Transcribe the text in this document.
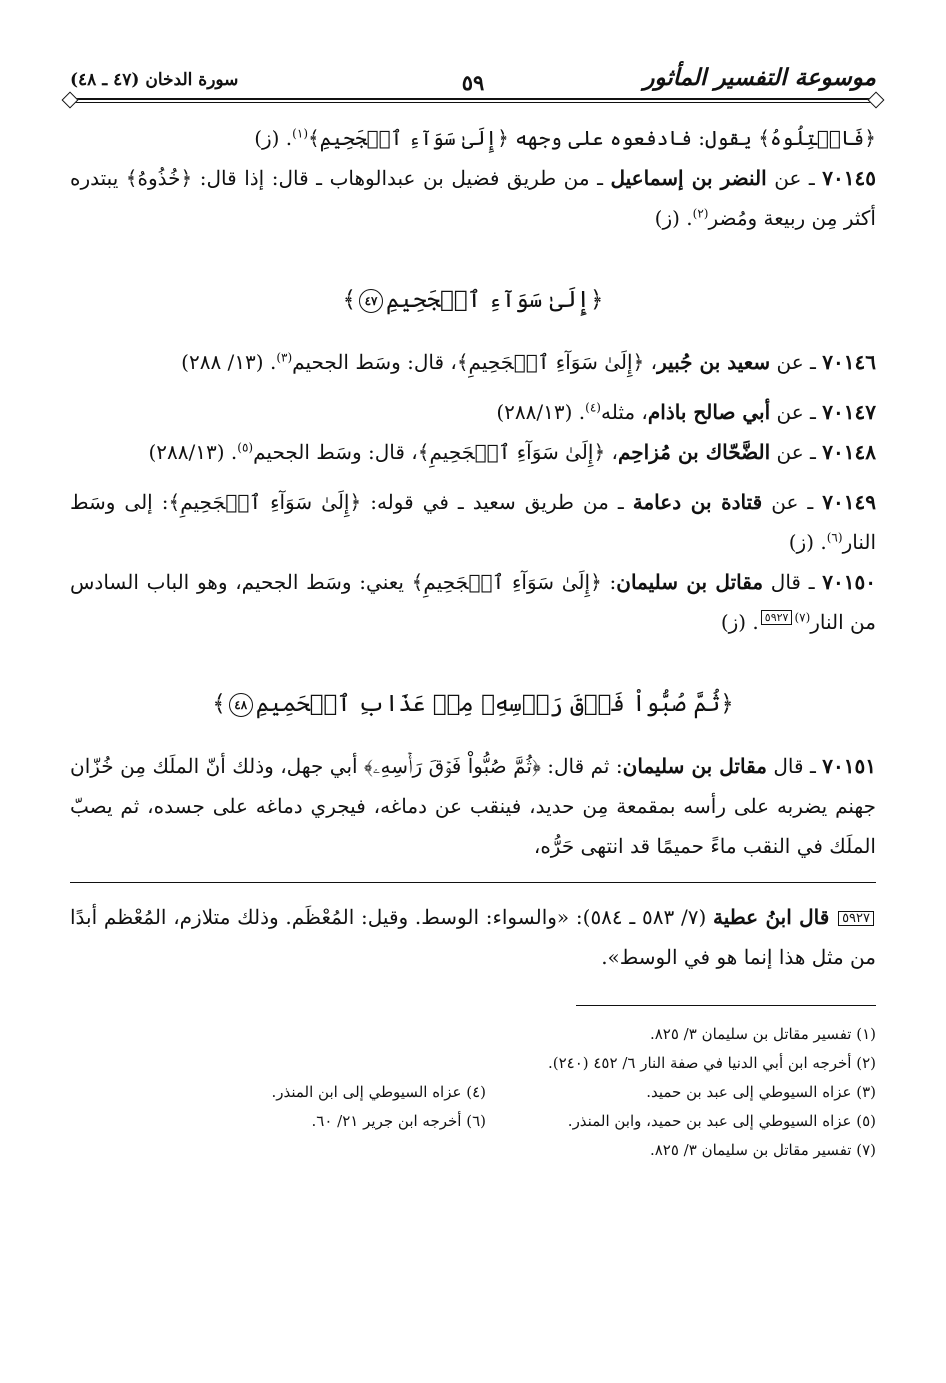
موسوعة التفسير المأثور
٥٩
سورة الدخان (٤٧ ـ ٤٨)

﴿فَاعۡتِلُوهُ﴾ يقول: فادفعوه على وجهه ﴿إِلَىٰ سَوَآءِ ٱلۡجَحِيمِ﴾$^{(١)}$. (ز)

٧٠١٤٥ ـ عن النضر بن إسماعيل ـ من طريق فضيل بن عبدالوهاب ـ قال: إذا قال: ﴿خُذُوهُ﴾ يبتدره أكثر مِن ربيعة ومُضر$^{(٢)}$. (ز)

﴿إِلَىٰ سَوَآءِ ٱلۡجَحِيمِ٤٧﴾

٧٠١٤٦ ـ عن سعيد بن جُبير، ﴿إِلَىٰ سَوَآءِ ٱلۡجَحِيمِ﴾، قال: وسَط الجحيم$^{(٣)}$. (١٣/ ٢٨٨)

٧٠١٤٧ ـ عن أبي صالح باذام، مثله$^{(٤)}$. (٢٨٨/١٣)

٧٠١٤٨ ـ عن الضَّحّاك بن مُزاحِم، ﴿إِلَىٰ سَوَآءِ ٱلۡجَحِيمِ﴾، قال: وسَط الجحيم$^{(٥)}$. (٢٨٨/١٣)

٧٠١٤٩ ـ عن قتادة بن دعامة ـ من طريق سعيد ـ في قوله: ﴿إِلَىٰ سَوَآءِ ٱلۡجَحِيمِ﴾: إلى وسَط النار$^{(٦)}$. (ز)

٧٠١٥٠ ـ قال مقاتل بن سليمان: ﴿إِلَىٰ سَوَآءِ ٱلۡجَحِيمِ﴾ يعني: وسَط الجحيم، وهو الباب السادس من النار$^{(٧)}$٥٩٢٧. (ز)

﴿ثُمَّ صُبُّواْ فَوۡقَ رَأۡسِهِۦ مِنۡ عَذَابِ ٱلۡحَمِيمِ٤٨﴾

٧٠١٥١ ـ قال مقاتل بن سليمان: ثم قال: ﴿ثُمَّ صُبُّواْ فَوۡقَ رَأۡسِهِۦ﴾ أبي جهل، وذلك أنّ الملَك مِن خُزّان جهنم يضربه على رأسه بمقمعة مِن حديد، فينقب عن دماغه، فيجري دماغه على جسده، ثم يصبّ الملَك في النقب ماءً حميمًا قد انتهى حَرُّه،

٥٩٢٧ قال ابنُ عطية (٧/ ٥٨٣ ـ ٥٨٤): «والسواء: الوسط. وقيل: المُعْظَم. وذلك متلازم، المُعْظم أبدًا من مثل هذا إنما هو في الوسط».

(١) تفسير مقاتل بن سليمان ٣/ ٨٢٥.
(٢) أخرجه ابن أبي الدنيا في صفة النار ٦/ ٤٥٢ (٢٤٠).
(٣) عزاه السيوطي إلى عبد بن حميد.
(٤) عزاه السيوطي إلى ابن المنذر.
(٥) عزاه السيوطي إلى عبد بن حميد، وابن المنذر.
(٦) أخرجه ابن جرير ٢١/ ٦٠.
(٧) تفسير مقاتل بن سليمان ٣/ ٨٢٥.
